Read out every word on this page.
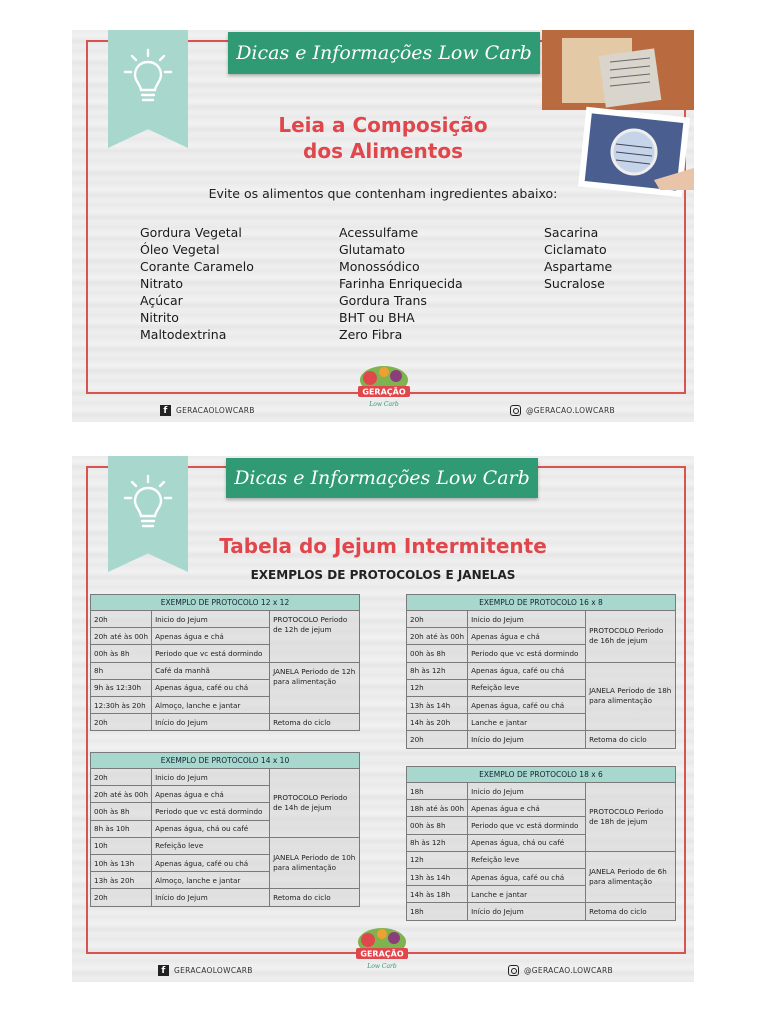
Dicas e Informações Low Carb
Leia a Composição
dos Alimentos
Evite os alimentos que contenham ingredientes abaixo:
Gordura Vegetal
Óleo Vegetal
Corante Caramelo
Nitrato
Açúcar
Nitrito
Maltodextrina
Acessulfame
Glutamato
Monossódico
Farinha Enriquecida
Gordura Trans
BHT ou BHA
Zero Fibra
Sacarina
Ciclamato
Aspartame
Sucralose
GERAÇÃO
Low Carb
f	GERACAOLOWCARB	@GERACAO.LOWCARB
Dicas e Informações Low Carb
Tabela do Jejum Intermitente
EXEMPLOS DE PROTOCOLOS E JANELAS
EXEMPLO DE PROTOCOLO 12 x 12		
20h	Inicio do Jejum	PROTOCOLO Periodo de 12h de jejum
20h até às 00h	Apenas água e chá	
00h às 8h	Periodo que vc está dormindo	
8h	Café da manhã	JANELA Periodo de 12h para alimentação
9h às 12:30h	Apenas água, café ou chá	
12:30h às 20h	Almoço, lanche e jantar	
20h	Início do Jejum	Retoma do ciclo
EXEMPLO DE PROTOCOLO 16 x 8		
20h	Inicio do Jejum	PROTOCOLO Periodo de 16h de jejum
20h até às 00h	Apenas água e chá	
00h às 8h	Periodo que vc está dormindo	
8h às 12h	Apenas água, café ou chá	JANELA Periodo de 18h para alimentação
12h	Refeição leve	
13h às 14h	Apenas água, café ou chá	
14h às 20h	Lanche e jantar	
20h	Início do Jejum	Retoma do ciclo
EXEMPLO DE PROTOCOLO 14 x 10		
20h	Inicio do Jejum	PROTOCOLO Periodo de 14h de jejum
20h até às 00h	Apenas água e chá	
00h às 8h	Periodo que vc está dormindo	
8h às 10h	Apenas água, chá ou café	
10h	Refeição leve	JANELA Periodo de 10h para alimentação
10h às 13h	Apenas água, café ou chá	
13h às 20h	Almoço, lanche e jantar	
20h	Início do Jejum	Retoma do ciclo
EXEMPLO DE PROTOCOLO 18 x 6		
18h	Inicio do Jejum	PROTOCOLO Periodo de 18h de jejum
18h até às 00h	Apenas água e chá	
00h às 8h	Periodo que vc está dormindo	
8h às 12h	Apenas água, chá ou café	
12h	Refeição leve	JANELA Periodo de 6h para alimentação
13h às 14h	Apenas água, café ou chá	
14h às 18h	Lanche e jantar	
18h	Início do Jejum	Retoma do ciclo
GERAÇÃO
Low Carb
f	GERACAOLOWCARB	@GERACAO.LOWCARB
